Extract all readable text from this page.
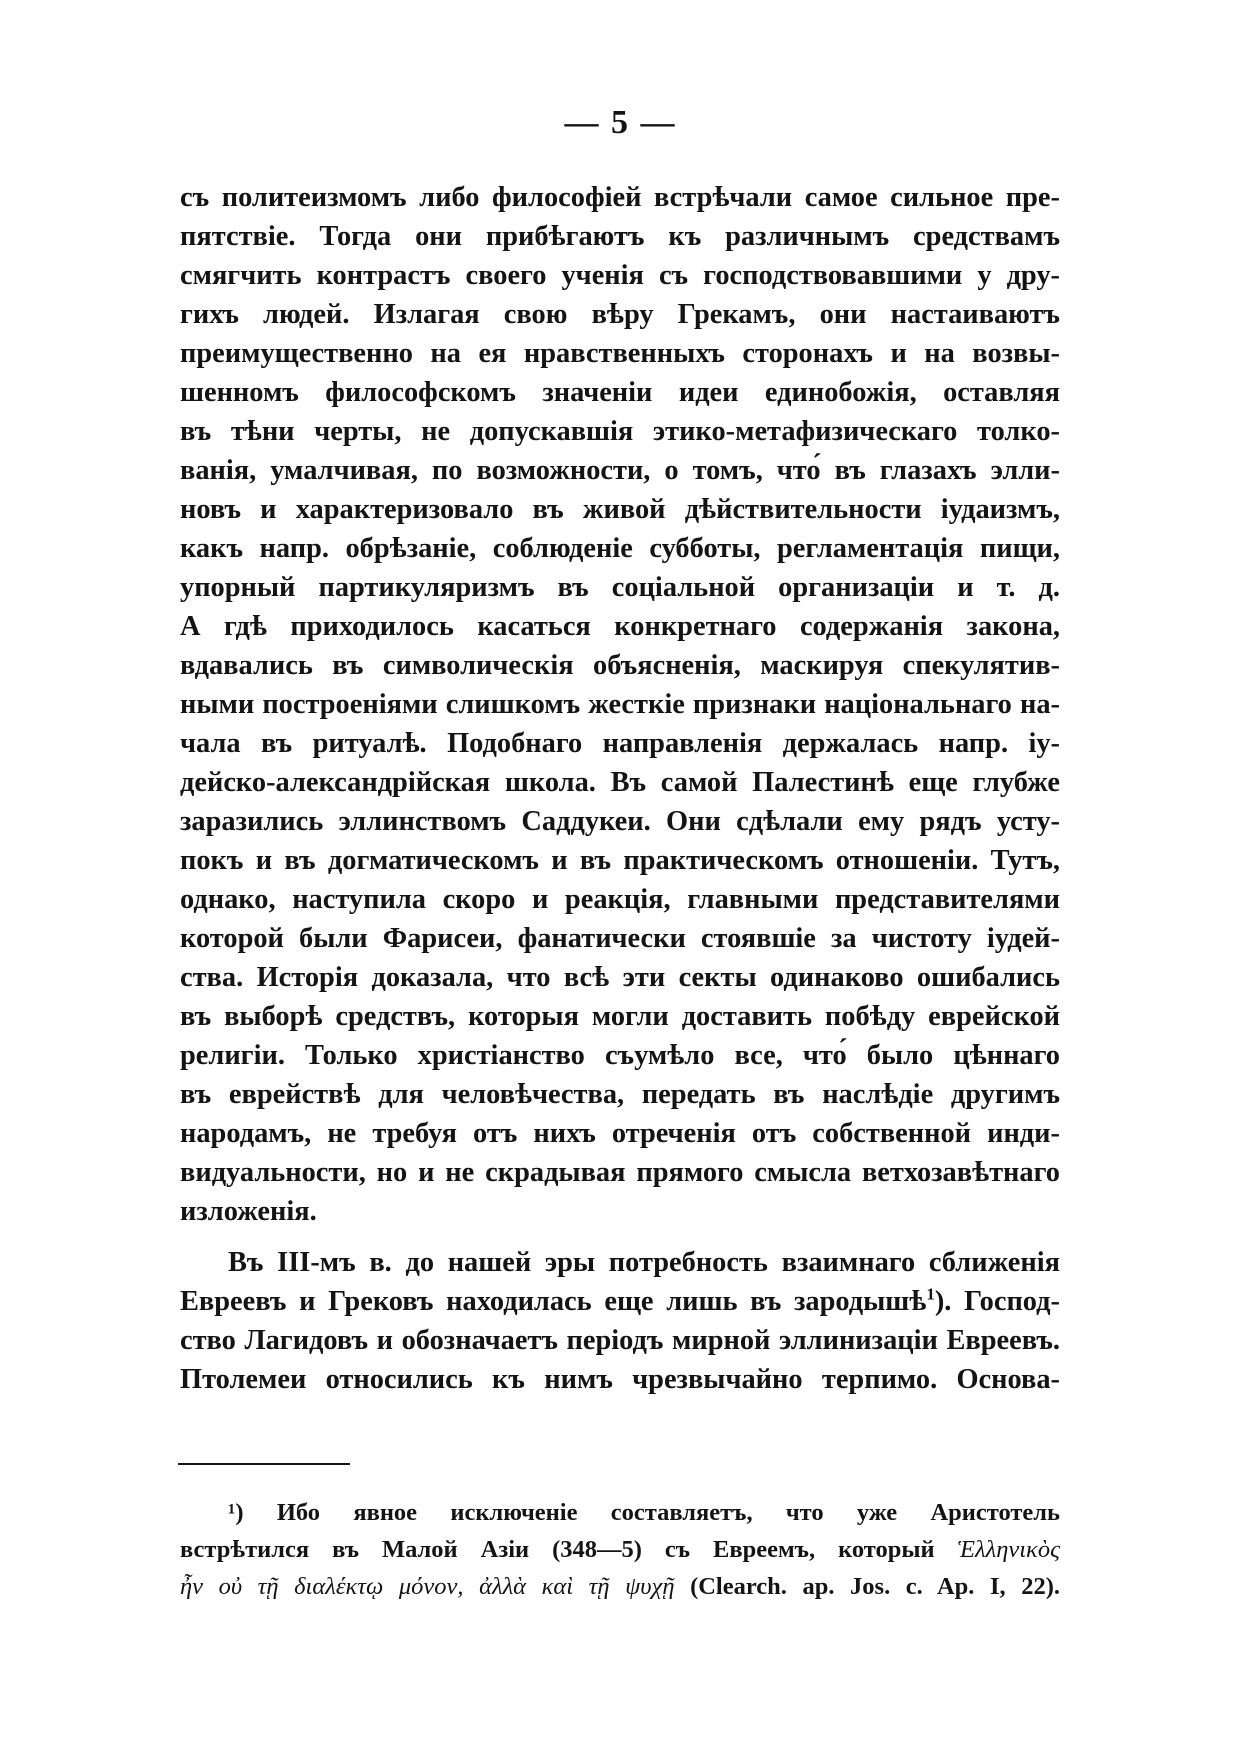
— 5 —
съ политеизмомъ либо философіей встрѣчали самое сильное пре-
пятствіе. Тогда они прибѣгаютъ къ различнымъ средствамъ
смягчить контрастъ своего ученія съ господствовавшими у дру-
гихъ людей. Излагая свою вѣру Грекамъ, они настаиваютъ
преимущественно на ея нравственныхъ сторонахъ и на возвы-
шенномъ философскомъ значеніи идеи единобожія, оставляя
въ тѣни черты, не допускавшія этико-метафизическаго толко-
ванія, умалчивая, по возможности, о томъ, что́ въ глазахъ элли-
новъ и характеризовало въ живой дѣйствительности іудаизмъ,
какъ напр. обрѣзаніе, соблюденіе субботы, регламентація пищи,
упорный партикуляризмъ въ соціальной организаціи и т. д.
А гдѣ приходилось касаться конкретнаго содержанія закона,
вдавались въ символическія объясненія, маскируя спекулятив-
ными построеніями слишкомъ жесткіе признаки національнаго на-
чала въ ритуалѣ. Подобнаго направленія держалась напр. іу-
дейско-александрійская школа. Въ самой Палестинѣ еще глубже
заразились эллинствомъ Саддукеи. Они сдѣлали ему рядъ усту-
покъ и въ догматическомъ и въ практическомъ отношеніи. Тутъ,
однако, наступила скоро и реакція, главными представителями
которой были Фарисеи, фанатически стоявшіе за чистоту іудей-
ства. Исторія доказала, что всѣ эти секты одинаково ошибались
въ выборѣ средствъ, которыя могли доставить побѣду еврейской
религіи. Только христіанство съумѣло все, что́ было цѣннаго
въ еврействѣ для человѣчества, передать въ наслѣдіе другимъ
народамъ, не требуя отъ нихъ отреченія отъ собственной инди-
видуальности, но и не скрадывая прямого смысла ветхозавѣтнаго
изложенія.
Въ ІІІ-мъ в. до нашей эры потребность взаимнаго сближенія
Евреевъ и Грековъ находилась еще лишь въ зародышѣ$^1$). Господ-
ство Лагидовъ и обозначаетъ періодъ мирной эллинизаціи Евреевъ.
Птолемеи относились къ нимъ чрезвычайно терпимо. Основа-
¹) Ибо явное исключеніе составляетъ, что уже Аристотель
встрѣтился въ Малой Азіи (348—5) съ Евреемъ, который Ἑλληνικὸς
ἦν οὐ τῇ διαλέκτῳ μόνον, ἀλλὰ καὶ τῇ ψυχῇ (Clearch. ap. Jos. c. Ap. I, 22).
